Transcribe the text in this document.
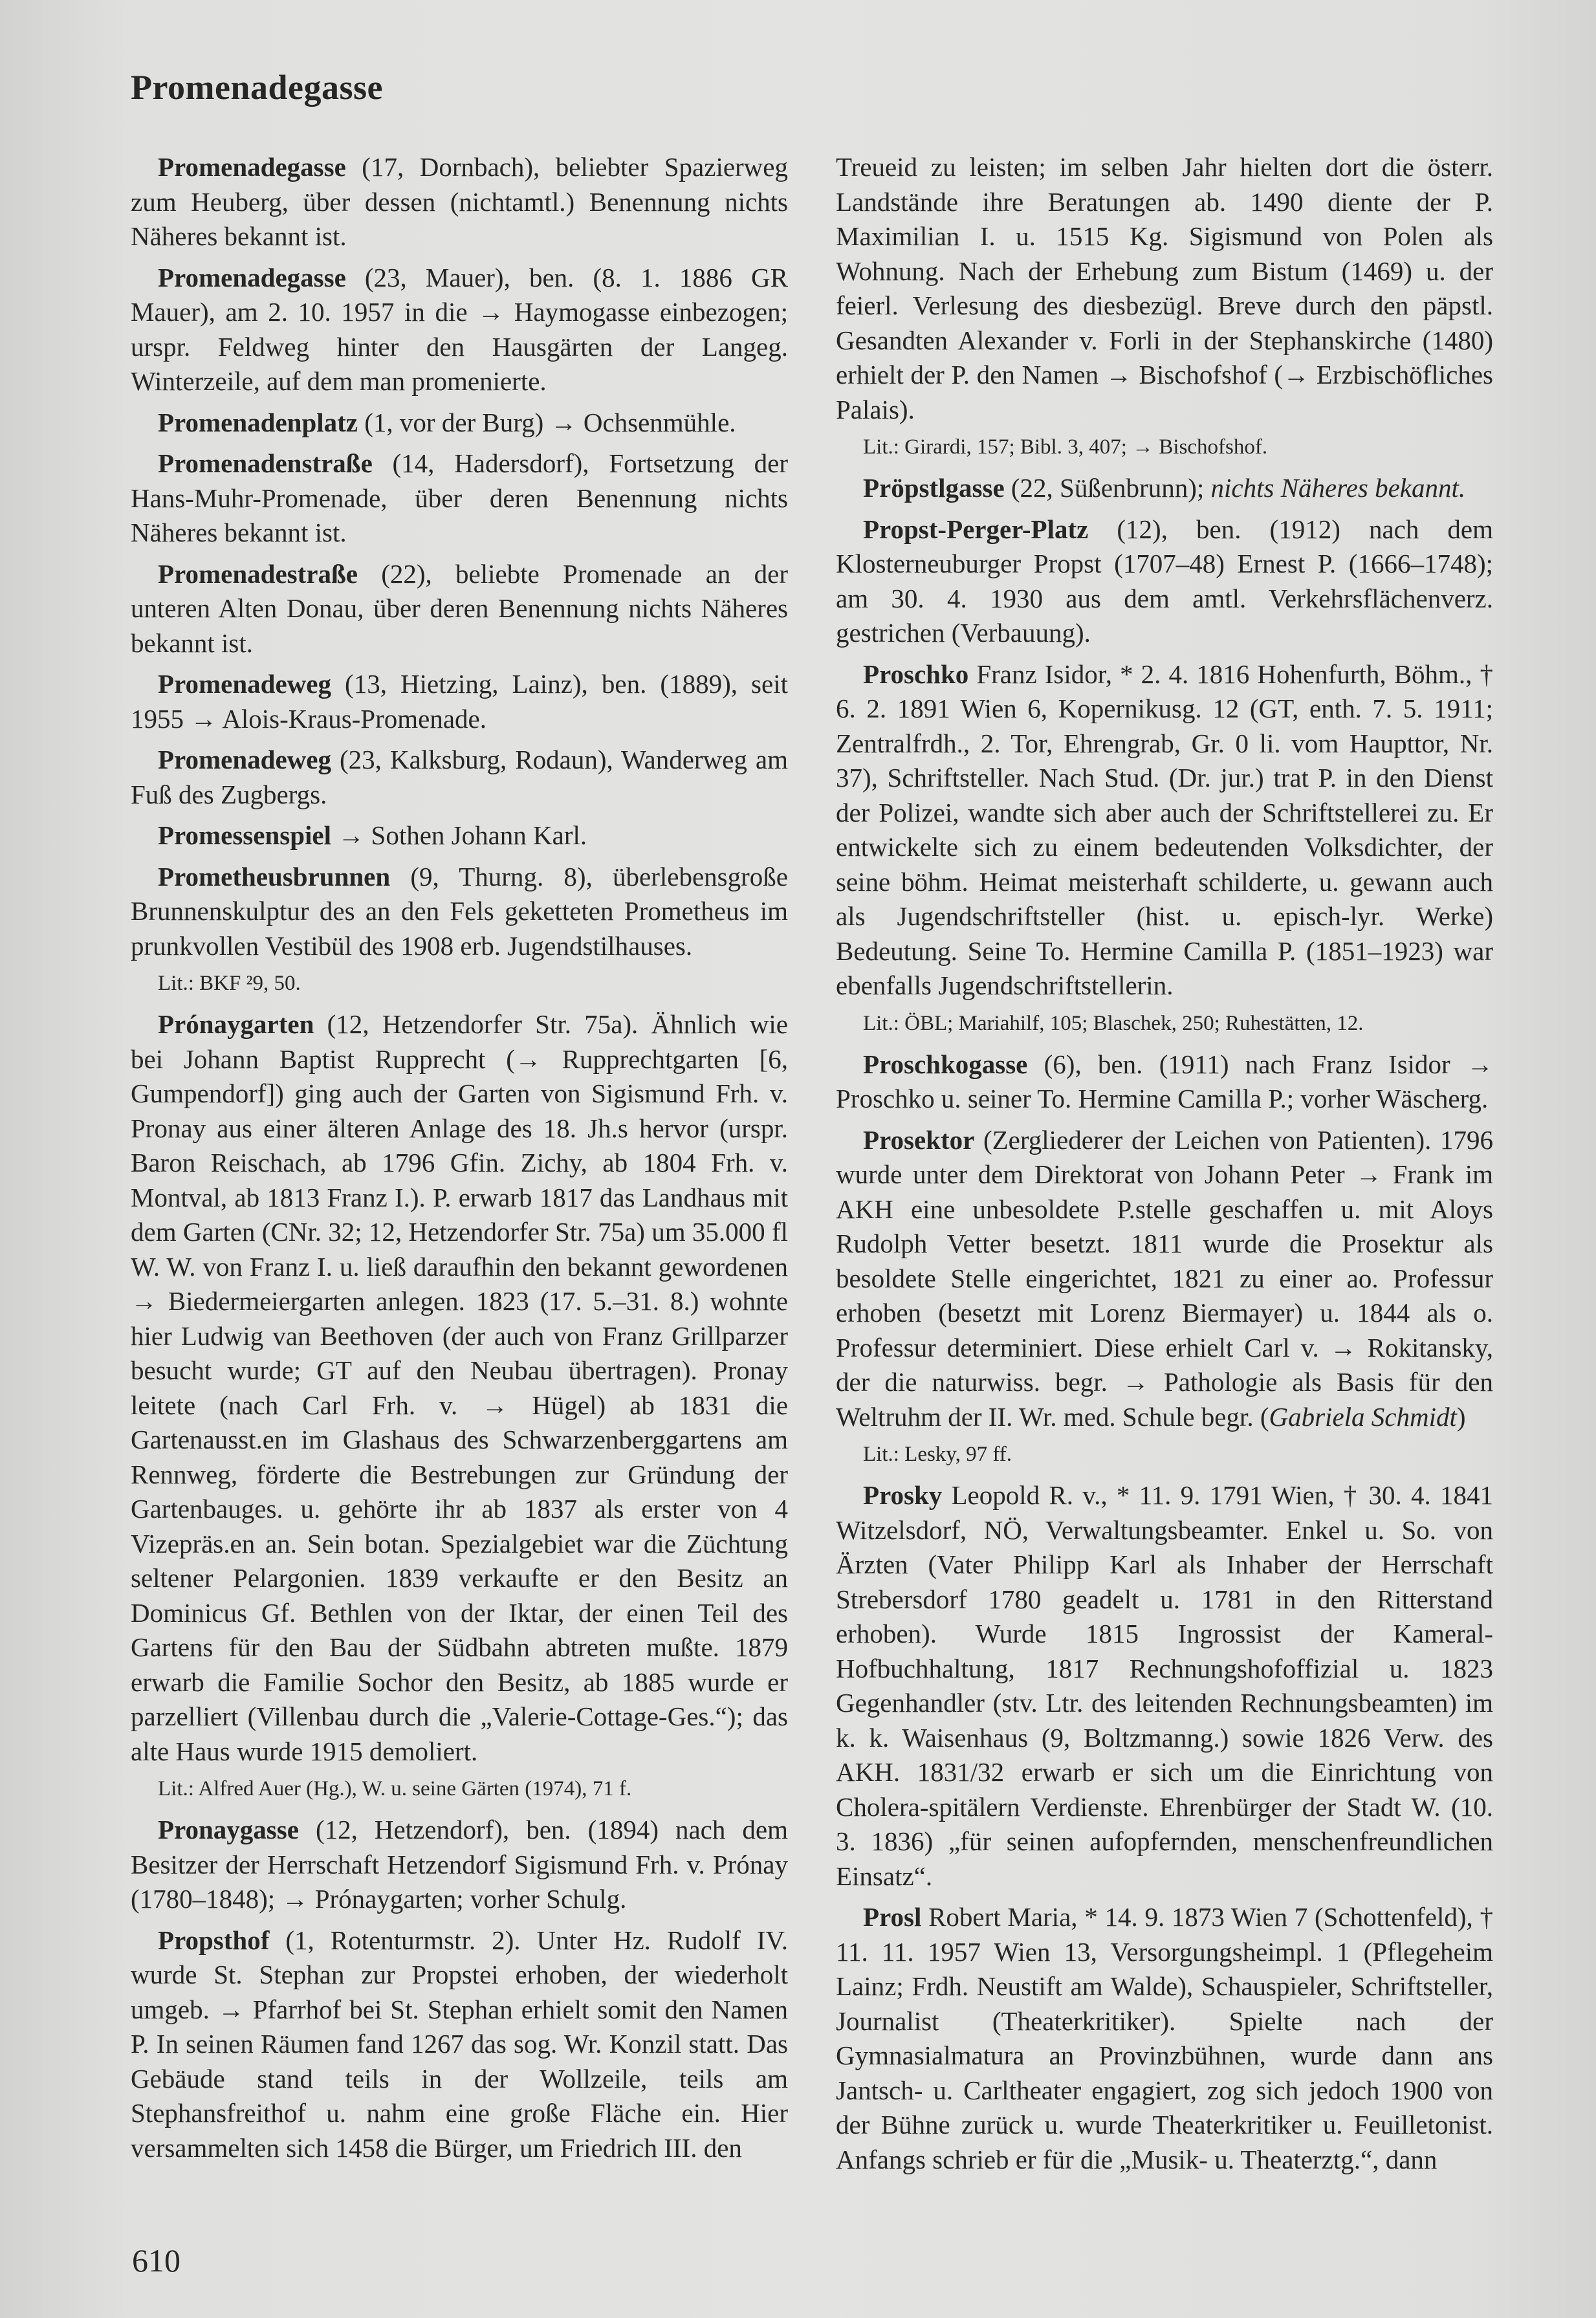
Promenadegasse

Promenadegasse (17, Dornbach), beliebter Spazierweg zum Heuberg, über dessen (nichtamtl.) Benennung nichts Näheres bekannt ist.

Promenadegasse (23, Mauer), ben. (8. 1. 1886 GR Mauer), am 2. 10. 1957 in die → Haymogasse einbezogen; urspr. Feldweg hinter den Hausgärten der Langeg. Winterzeile, auf dem man promenierte.

Promenadenplatz (1, vor der Burg) → Ochsenmühle.

Promenadenstraße (14, Hadersdorf), Fortsetzung der Hans-Muhr-Promenade, über deren Benennung nichts Näheres bekannt ist.

Promenadestraße (22), beliebte Promenade an der unteren Alten Donau, über deren Benennung nichts Näheres bekannt ist.

Promenadeweg (13, Hietzing, Lainz), ben. (1889), seit 1955 → Alois-Kraus-Promenade.

Promenadeweg (23, Kalksburg, Rodaun), Wanderweg am Fuß des Zugbergs.

Promessenspiel → Sothen Johann Karl.

Prometheusbrunnen (9, Thurng. 8), überlebensgroße Brunnenskulptur des an den Fels geketteten Prometheus im prunkvollen Vestibül des 1908 erb. Jugendstilhauses.

Lit.: BKF ²9, 50.

Prónaygarten (12, Hetzendorfer Str. 75a). Ähnlich wie bei Johann Baptist Rupprecht (→ Rupprechtgarten [6, Gumpendorf]) ging auch der Garten von Sigismund Frh. v. Pronay aus einer älteren Anlage des 18. Jh.s hervor (urspr. Baron Reischach, ab 1796 Gfin. Zichy, ab 1804 Frh. v. Montval, ab 1813 Franz I.). P. erwarb 1817 das Landhaus mit dem Garten (CNr. 32; 12, Hetzendorfer Str. 75a) um 35.000 fl W. W. von Franz I. u. ließ daraufhin den bekannt gewordenen → Biedermeiergarten anlegen. 1823 (17. 5.–31. 8.) wohnte hier Ludwig van Beethoven (der auch von Franz Grillparzer besucht wurde; GT auf den Neubau übertragen). Pronay leitete (nach Carl Frh. v. → Hügel) ab 1831 die Gartenausst.en im Glashaus des Schwarzenberggartens am Rennweg, förderte die Bestrebungen zur Gründung der Gartenbauges. u. gehörte ihr ab 1837 als erster von 4 Vizepräs.en an. Sein botan. Spezialgebiet war die Züchtung seltener Pelargonien. 1839 verkaufte er den Besitz an Dominicus Gf. Bethlen von der Iktar, der einen Teil des Gartens für den Bau der Südbahn abtreten mußte. 1879 erwarb die Familie Sochor den Besitz, ab 1885 wurde er parzelliert (Villenbau durch die „Valerie-Cottage-Ges.“); das alte Haus wurde 1915 demoliert.

Lit.: Alfred Auer (Hg.), W. u. seine Gärten (1974), 71 f.

Pronaygasse (12, Hetzendorf), ben. (1894) nach dem Besitzer der Herrschaft Hetzendorf Sigismund Frh. v. Prónay (1780–1848); → Prónaygarten; vorher Schulg.

Propsthof (1, Rotenturmstr. 2). Unter Hz. Rudolf IV. wurde St. Stephan zur Propstei erhoben, der wiederholt umgeb. → Pfarrhof bei St. Stephan erhielt somit den Namen P. In seinen Räumen fand 1267 das sog. Wr. Konzil statt. Das Gebäude stand teils in der Wollzeile, teils am Stephansfreithof u. nahm eine große Fläche ein. Hier versammelten sich 1458 die Bürger, um Friedrich III. den

Treueid zu leisten; im selben Jahr hielten dort die österr. Landstände ihre Beratungen ab. 1490 diente der P. Maximilian I. u. 1515 Kg. Sigismund von Polen als Wohnung. Nach der Erhebung zum Bistum (1469) u. der feierl. Verlesung des diesbezügl. Breve durch den päpstl. Gesandten Alexander v. Forli in der Stephanskirche (1480) erhielt der P. den Namen → Bischofshof (→ Erzbischöfliches Palais).

Lit.: Girardi, 157; Bibl. 3, 407; → Bischofshof.

Pröpstlgasse (22, Süßenbrunn); nichts Näheres bekannt.

Propst-Perger-Platz (12), ben. (1912) nach dem Klosterneuburger Propst (1707–48) Ernest P. (1666–1748); am 30. 4. 1930 aus dem amtl. Verkehrsflächenverz. gestrichen (Verbauung).

Proschko Franz Isidor, * 2. 4. 1816 Hohenfurth, Böhm., † 6. 2. 1891 Wien 6, Kopernikusg. 12 (GT, enth. 7. 5. 1911; Zentralfrdh., 2. Tor, Ehrengrab, Gr. 0 li. vom Haupttor, Nr. 37), Schriftsteller. Nach Stud. (Dr. jur.) trat P. in den Dienst der Polizei, wandte sich aber auch der Schriftstellerei zu. Er entwickelte sich zu einem bedeutenden Volksdichter, der seine böhm. Heimat meisterhaft schilderte, u. gewann auch als Jugendschriftsteller (hist. u. episch-lyr. Werke) Bedeutung. Seine To. Hermine Camilla P. (1851–1923) war ebenfalls Jugendschriftstellerin.

Lit.: ÖBL; Mariahilf, 105; Blaschek, 250; Ruhestätten, 12.

Proschkogasse (6), ben. (1911) nach Franz Isidor → Proschko u. seiner To. Hermine Camilla P.; vorher Wäscherg.

Prosektor (Zergliederer der Leichen von Patienten). 1796 wurde unter dem Direktorat von Johann Peter → Frank im AKH eine unbesoldete P.stelle geschaffen u. mit Aloys Rudolph Vetter besetzt. 1811 wurde die Prosektur als besoldete Stelle eingerichtet, 1821 zu einer ao. Professur erhoben (besetzt mit Lorenz Biermayer) u. 1844 als o. Professur determiniert. Diese erhielt Carl v. → Rokitansky, der die naturwiss. begr. → Pathologie als Basis für den Weltruhm der II. Wr. med. Schule begr. (Gabriela Schmidt)

Lit.: Lesky, 97 ff.

Prosky Leopold R. v., * 11. 9. 1791 Wien, † 30. 4. 1841 Witzelsdorf, NÖ, Verwaltungsbeamter. Enkel u. So. von Ärzten (Vater Philipp Karl als Inhaber der Herrschaft Strebersdorf 1780 geadelt u. 1781 in den Ritterstand erhoben). Wurde 1815 Ingrossist der Kameral-Hofbuchhaltung, 1817 Rechnungshofoffizial u. 1823 Gegenhandler (stv. Ltr. des leitenden Rechnungsbeamten) im k. k. Waisenhaus (9, Boltzmanng.) sowie 1826 Verw. des AKH. 1831/32 erwarb er sich um die Einrichtung von Cholera-spitälern Verdienste. Ehrenbürger der Stadt W. (10. 3. 1836) „für seinen aufopfernden, menschenfreundlichen Einsatz“.

Prosl Robert Maria, * 14. 9. 1873 Wien 7 (Schottenfeld), † 11. 11. 1957 Wien 13, Versorgungsheimpl. 1 (Pflegeheim Lainz; Frdh. Neustift am Walde), Schauspieler, Schriftsteller, Journalist (Theaterkritiker). Spielte nach der Gymnasialmatura an Provinzbühnen, wurde dann ans Jantsch- u. Carltheater engagiert, zog sich jedoch 1900 von der Bühne zurück u. wurde Theaterkritiker u. Feuilletonist. Anfangs schrieb er für die „Musik- u. Theaterztg.“, dann

610
